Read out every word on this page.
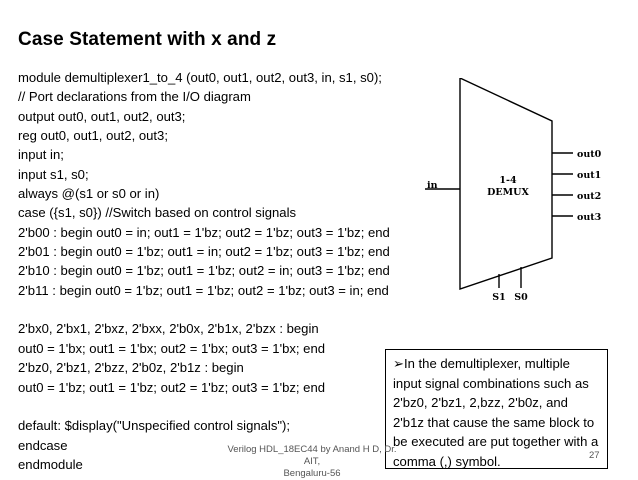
Case Statement with x and z
module demultiplexer1_to_4 (out0, out1, out2, out3, in, s1, s0);
// Port declarations from the I/O diagram
output out0, out1, out2, out3;
reg out0, out1, out2, out3;
input in;
input s1, s0;
always @(s1 or s0 or in)
case ({s1, s0}) //Switch based on control signals
2'b00 : begin out0 = in; out1 = 1'bz; out2 = 1'bz; out3 = 1'bz; end
2'b01 : begin out0 = 1'bz; out1 = in; out2 = 1'bz; out3 = 1'bz; end
2'b10 : begin out0 = 1'bz; out1 = 1'bz; out2 = in; out3 = 1'bz; end
2'b11 : begin out0 = 1'bz; out1 = 1'bz; out2 = 1'bz; out3 = in; end
2'bx0, 2'bx1, 2'bxz, 2'bxx, 2'b0x, 2'b1x, 2'bzx : begin
out0 = 1'bx; out1 = 1'bx; out2 = 1'bx; out3 = 1'bx; end
2'bz0, 2'bz1, 2'bzz, 2'b0z, 2'b1z : begin
out0 = 1'bz; out1 = 1'bz; out2 = 1'bz; out3 = 1'bz; end
default: $display("Unspecified control signals");
endcase
endmodule
1-4
DEMUX
in
out0
out1
out2
out3
S1 S0
➢In the demultiplexer, multiple input signal combinations such as 2'bz0, 2'bz1, 2,bzz, 2'b0z, and 2'b1z that cause the same block to be executed are put together with a comma (,) symbol.
Verilog HDL_18EC44 by Anand H D, Dr. AIT,
Bengaluru-56
27
